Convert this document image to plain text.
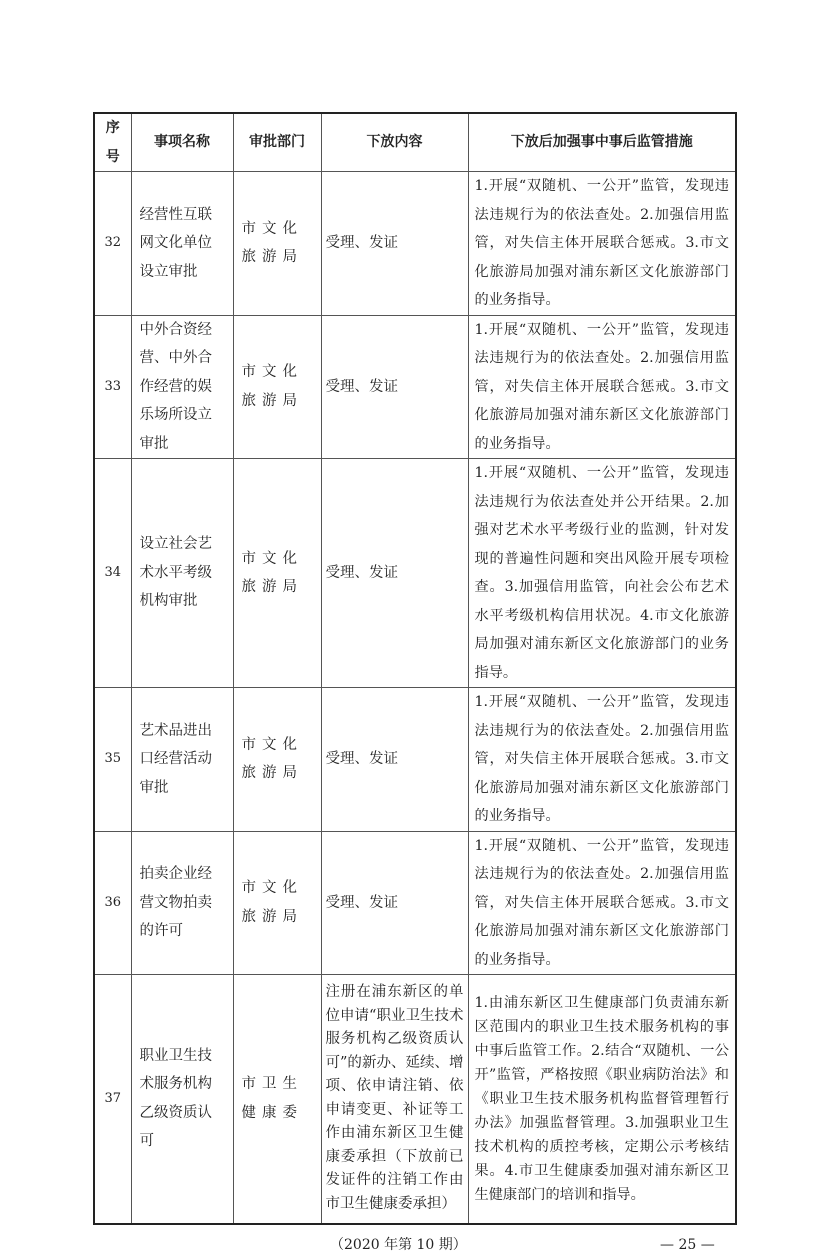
序号	事项名称	审批部门	下放内容	下放后加强事中事后监管措施
32	经营性互联网文化单位设立审批	市文化旅游局	受理、发证	1.开展“双随机、一公开”监管，发现违法违规行为的依法查处。2.加强信用监管，对失信主体开展联合惩戒。3.市文化旅游局加强对浦东新区文化旅游部门的业务指导。
33	中外合资经营、中外合作经营的娱乐场所设立审批	市文化旅游局	受理、发证	1.开展“双随机、一公开”监管，发现违法违规行为的依法查处。2.加强信用监管，对失信主体开展联合惩戒。3.市文化旅游局加强对浦东新区文化旅游部门的业务指导。
34	设立社会艺术水平考级机构审批	市文化旅游局	受理、发证	1.开展“双随机、一公开”监管，发现违法违规行为依法查处并公开结果。2.加强对艺术水平考级行业的监测，针对发现的普遍性问题和突出风险开展专项检查。3.加强信用监管，向社会公布艺术水平考级机构信用状况。4.市文化旅游局加强对浦东新区文化旅游部门的业务指导。
35	艺术品进出口经营活动审批	市文化旅游局	受理、发证	1.开展“双随机、一公开”监管，发现违法违规行为的依法查处。2.加强信用监管，对失信主体开展联合惩戒。3.市文化旅游局加强对浦东新区文化旅游部门的业务指导。
36	拍卖企业经营文物拍卖的许可	市文化旅游局	受理、发证	1.开展“双随机、一公开”监管，发现违法违规行为的依法查处。2.加强信用监管，对失信主体开展联合惩戒。3.市文化旅游局加强对浦东新区文化旅游部门的业务指导。
37	职业卫生技术服务机构乙级资质认可	市卫生健康委	注册在浦东新区的单位申请“职业卫生技术服务机构乙级资质认可”的新办、延续、增项、依申请注销、依申请变更、补证等工作由浦东新区卫生健康委承担（下放前已发证件的注销工作由市卫生健康委承担）	1.由浦东新区卫生健康部门负责浦东新区范围内的职业卫生技术服务机构的事中事后监管工作。2.结合“双随机、一公开”监管，严格按照《职业病防治法》和《职业卫生技术服务机构监督管理暂行办法》加强监督管理。3.加强职业卫生技术机构的质控考核，定期公示考核结果。4.市卫生健康委加强对浦东新区卫生健康部门的培训和指导。
（2020 年第 10 期）	— 25 —
